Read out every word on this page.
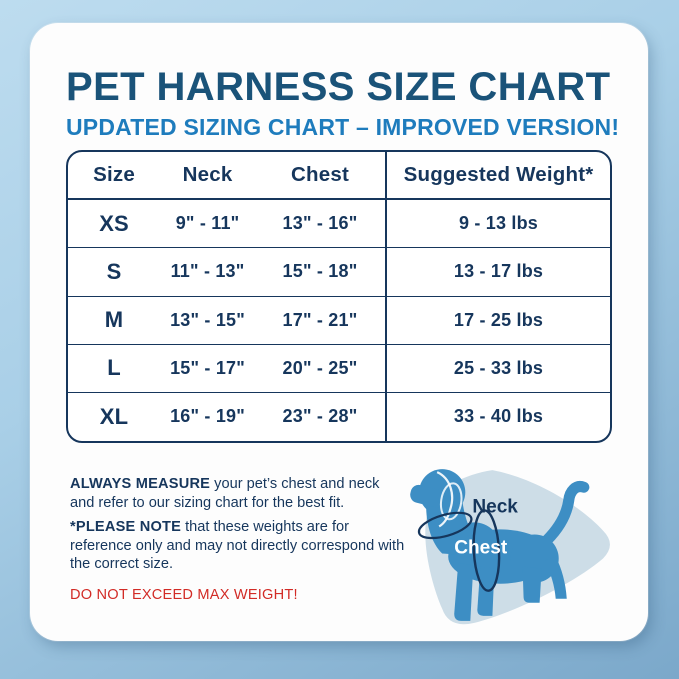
PET HARNESS SIZE CHART
UPDATED SIZING CHART – IMPROVED VERSION!
Size	Neck	Chest	Suggested Weight*
XS	9" - 11"	13" - 16"	9 - 13 lbs
S	11" - 13"	15" - 18"	13 - 17 lbs
M	13" - 15"	17" - 21"	17 - 25 lbs
L	15" - 17"	20" - 25"	25 - 33 lbs
XL	16" - 19"	23" - 28"	33 - 40 lbs

ALWAYS MEASURE your pet’s chest and neck and refer to our sizing chart for the best fit.

*PLEASE NOTE that these weights are for reference only and may not directly correspond with the correct size.

DO NOT EXCEED MAX WEIGHT!

Neck
Chest
